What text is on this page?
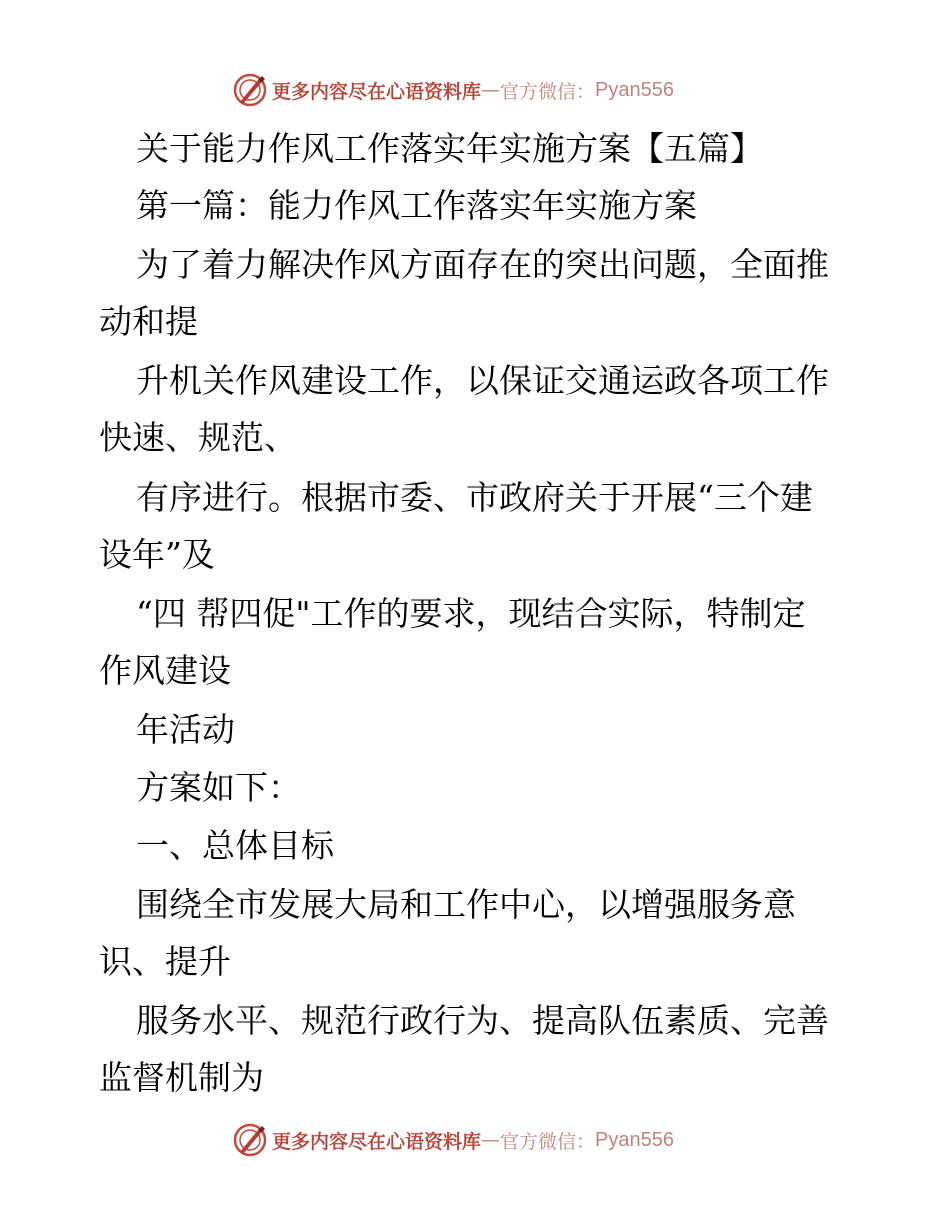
更多内容尽在心语资料库 — 官方微信： Pyan556
关于能力作风工作落实年实施方案【五篇】
第一篇：能力作风工作落实年实施方案
为了着力解决作风方面存在的突出问题，全面推
动和提
升机关作风建设工作，以保证交通运政各项工作
快速、规范、
有序进行。根据市委、市政府关于开展“三个建
设年”及
“四 帮四促"工作的要求，现结合实际，特制定
作风建设
年活动
方案如下：
一、总体目标
围绕全市发展大局和工作中心，以增强服务意
识、提升
服务水平、规范行政行为、提高队伍素质、完善
监督机制为
更多内容尽在心语资料库 — 官方微信： Pyan556
